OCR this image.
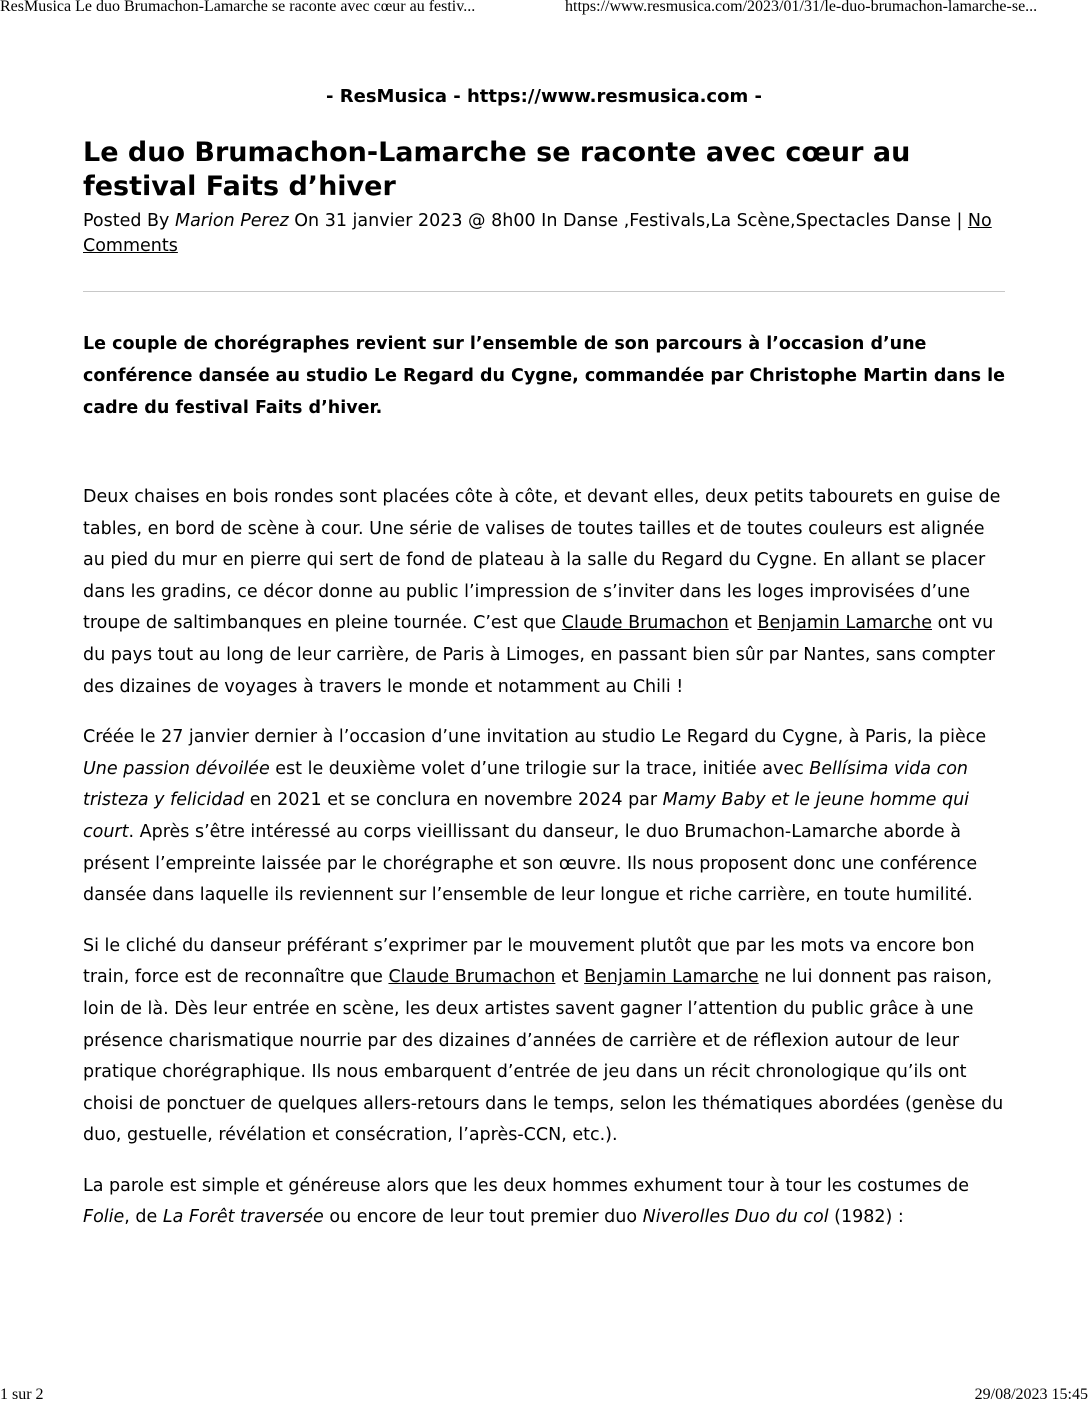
ResMusica Le duo Brumachon-Lamarche se raconte avec cœur au festiv...	https://www.resmusica.com/2023/01/31/le-duo-brumachon-lamarche-se...
- ResMusica - https://www.resmusica.com -
Le duo Brumachon-Lamarche se raconte avec cœur au festival Faits d’hiver
Posted By Marion Perez On 31 janvier 2023 @ 8h00 In Danse ,Festivals,La Scène,Spectacles Danse | No Comments
Le couple de chorégraphes revient sur l’ensemble de son parcours à l’occasion d’une conférence dansée au studio Le Regard du Cygne, commandée par Christophe Martin dans le cadre du festival Faits d’hiver.

Deux chaises en bois rondes sont placées côte à côte, et devant elles, deux petits tabourets en guise de tables, en bord de scène à cour. Une série de valises de toutes tailles et de toutes couleurs est alignée au pied du mur en pierre qui sert de fond de plateau à la salle du Regard du Cygne. En allant se placer dans les gradins, ce décor donne au public l’impression de s’inviter dans les loges improvisées d’une troupe de saltimbanques en pleine tournée. C’est que Claude Brumachon et Benjamin Lamarche ont vu du pays tout au long de leur carrière, de Paris à Limoges, en passant bien sûr par Nantes, sans compter des dizaines de voyages à travers le monde et notamment au Chili !

Créée le 27 janvier dernier à l’occasion d’une invitation au studio Le Regard du Cygne, à Paris, la pièce Une passion dévoilée est le deuxième volet d’une trilogie sur la trace, initiée avec Bellísima vida con tristeza y felicidad en 2021 et se conclura en novembre 2024 par Mamy Baby et le jeune homme qui court. Après s’être intéressé au corps vieillissant du danseur, le duo Brumachon-Lamarche aborde à présent l’empreinte laissée par le chorégraphe et son œuvre. Ils nous proposent donc une conférence dansée dans laquelle ils reviennent sur l’ensemble de leur longue et riche carrière, en toute humilité.

Si le cliché du danseur préférant s’exprimer par le mouvement plutôt que par les mots va encore bon train, force est de reconnaître que Claude Brumachon et Benjamin Lamarche ne lui donnent pas raison, loin de là. Dès leur entrée en scène, les deux artistes savent gagner l’attention du public grâce à une présence charismatique nourrie par des dizaines d’années de carrière et de réflexion autour de leur pratique chorégraphique. Ils nous embarquent d’entrée de jeu dans un récit chronologique qu’ils ont choisi de ponctuer de quelques allers-retours dans le temps, selon les thématiques abordées (genèse du duo, gestuelle, révélation et consécration, l’après-CCN, etc.).

La parole est simple et généreuse alors que les deux hommes exhument tour à tour les costumes de Folie, de La Forêt traversée ou encore de leur tout premier duo Niverolles Duo du col (1982) :

1 sur 2	29/08/2023 15:45
